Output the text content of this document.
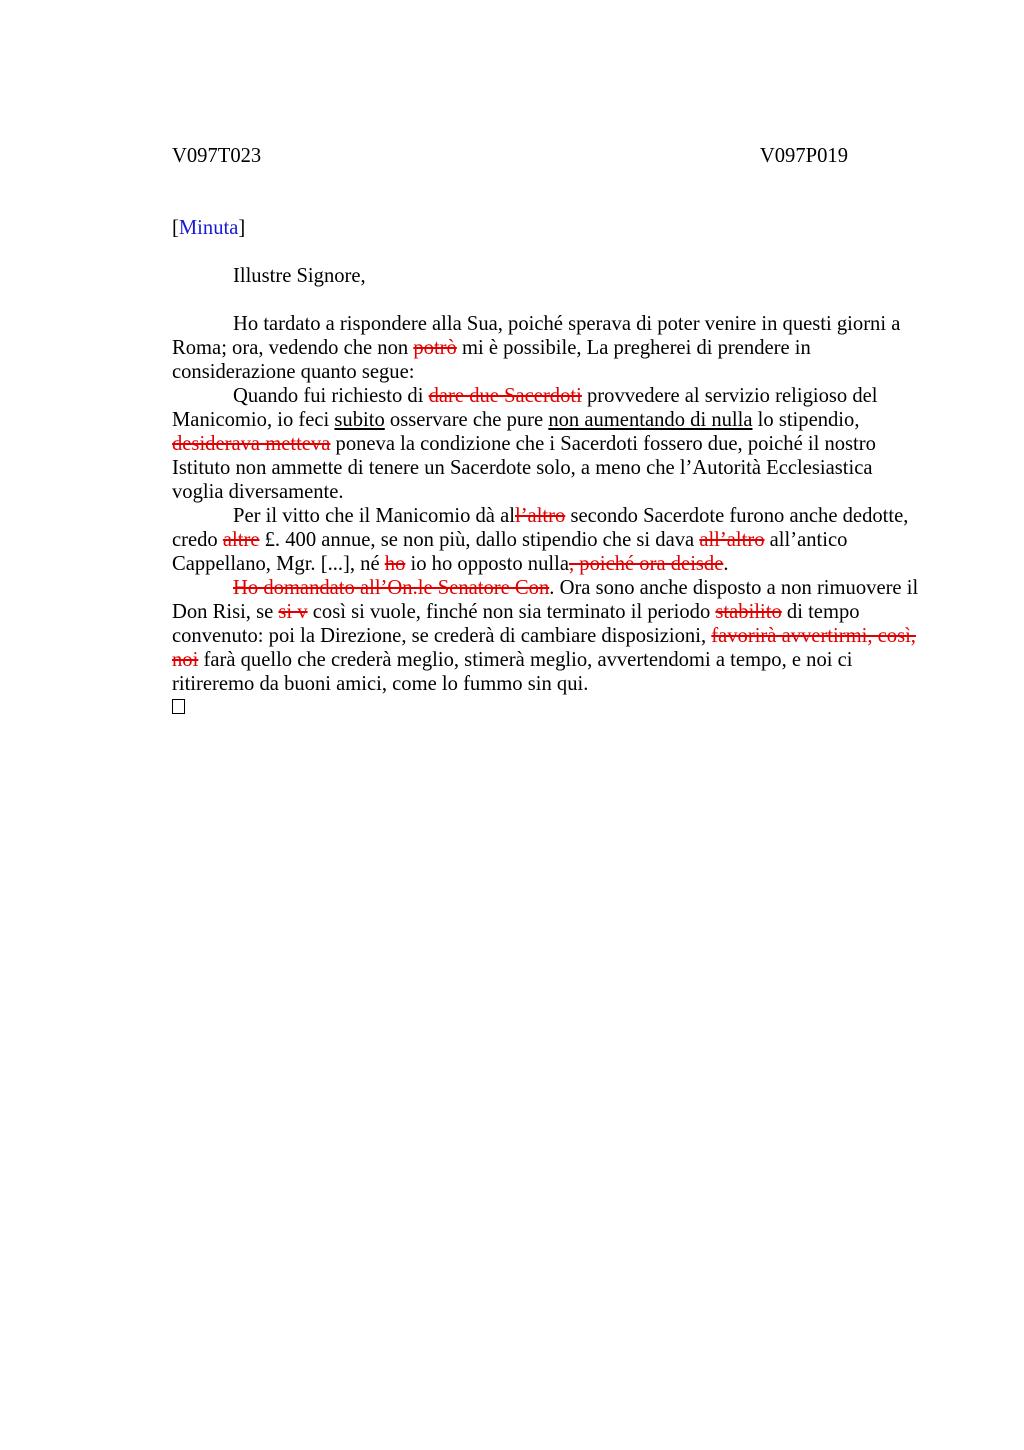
V097T023	V097P019
[Minuta]
Illustre Signore,
Ho tardato a rispondere alla Sua, poiché sperava di poter venire in questi giorni a
Roma; ora, vedendo che non potrò mi è possibile, La pregherei di prendere in
considerazione quanto segue:
Quando fui richiesto di dare due Sacerdoti provvedere al servizio religioso del
Manicomio, io feci subito osservare che pure non aumentando di nulla lo stipendio,
desiderava metteva poneva la condizione che i Sacerdoti fossero due, poiché il nostro
Istituto non ammette di tenere un Sacerdote solo, a meno che l’Autorità Ecclesiastica
voglia diversamente.
Per il vitto che il Manicomio dà all’altro secondo Sacerdote furono anche dedotte,
credo altre £. 400 annue, se non più, dallo stipendio che si dava all’altro all’antico
Cappellano, Mgr. [...], né ho io ho opposto nulla, poiché ora deisde.
Ho domandato all’On.le Senatore Con. Ora sono anche disposto a non rimuovere il
Don Risi, se si v così si vuole, finché non sia terminato il periodo stabilito di tempo
convenuto: poi la Direzione, se crederà di cambiare disposizioni, favorirà avvertirmi, così,
noi farà quello che crederà meglio, stimerà meglio, avvertendomi a tempo, e noi ci
ritireremo da buoni amici, come lo fummo sin qui.
